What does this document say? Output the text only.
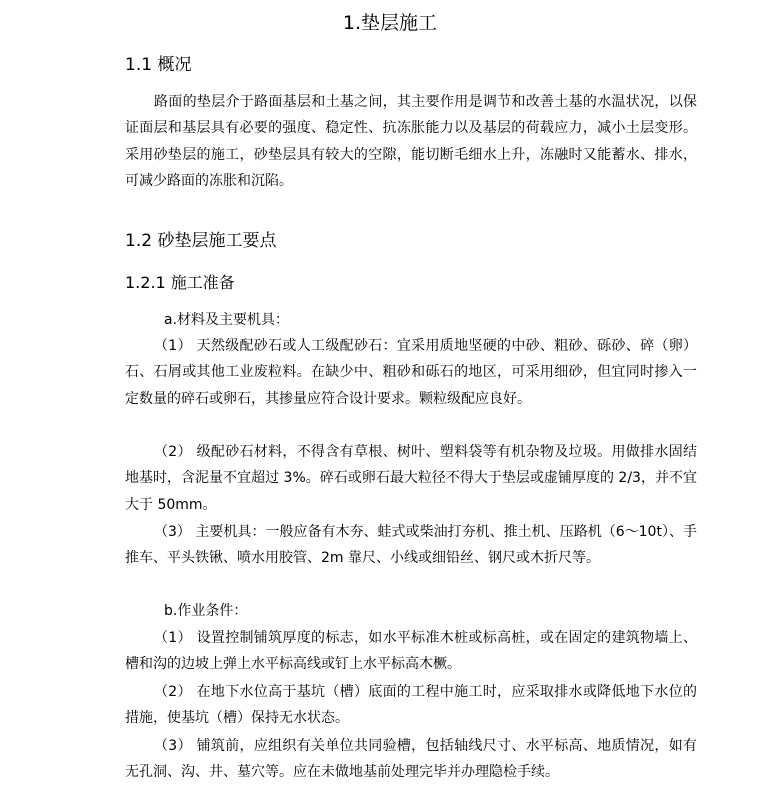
1.垫层施工
1.1 概况

路面的垫层介于路面基层和土基之间，其主要作用是调节和改善土基的水温状况，以保证面层和基层具有必要的强度、稳定性、抗冻胀能力以及基层的荷载应力，减小土层变形。采用砂垫层的施工，砂垫层具有较大的空隙，能切断毛细水上升，冻融时又能蓄水、排水，可减少路面的冻胀和沉陷。

1.2 砂垫层施工要点
1.2.1 施工准备
a.材料及主要机具：

（1） 天然级配砂石或人工级配砂石：宜采用质地坚硬的中砂、粗砂、砾砂、碎（卵）石、石屑或其他工业废粒料。在缺少中、粗砂和砾石的地区，可采用细砂，但宜同时掺入一定数量的碎石或卵石，其掺量应符合设计要求。颗粒级配应良好。

（2） 级配砂石材料，不得含有草根、树叶、塑料袋等有机杂物及垃圾。用做排水固结地基时，含泥量不宜超过 3%。碎石或卵石最大粒径不得大于垫层或虚铺厚度的 2/3，并不宜大于 50mm。

（3） 主要机具：一般应备有木夯、蛙式或柴油打夯机、推土机、压路机（6～10t）、手推车、平头铁锹、喷水用胶管、2m 靠尺、小线或细铅丝、钢尺或木折尺等。

b.作业条件：

（1） 设置控制铺筑厚度的标志，如水平标准木桩或标高桩，或在固定的建筑物墙上、槽和沟的边坡上弹上水平标高线或钉上水平标高木橛。

（2） 在地下水位高于基坑（槽）底面的工程中施工时，应采取排水或降低地下水位的措施，使基坑（槽）保持无水状态。

（3） 铺筑前，应组织有关单位共同验槽，包括轴线尺寸、水平标高、地质情况，如有无孔洞、沟、井、墓穴等。应在未做地基前处理完毕并办理隐检手续。
